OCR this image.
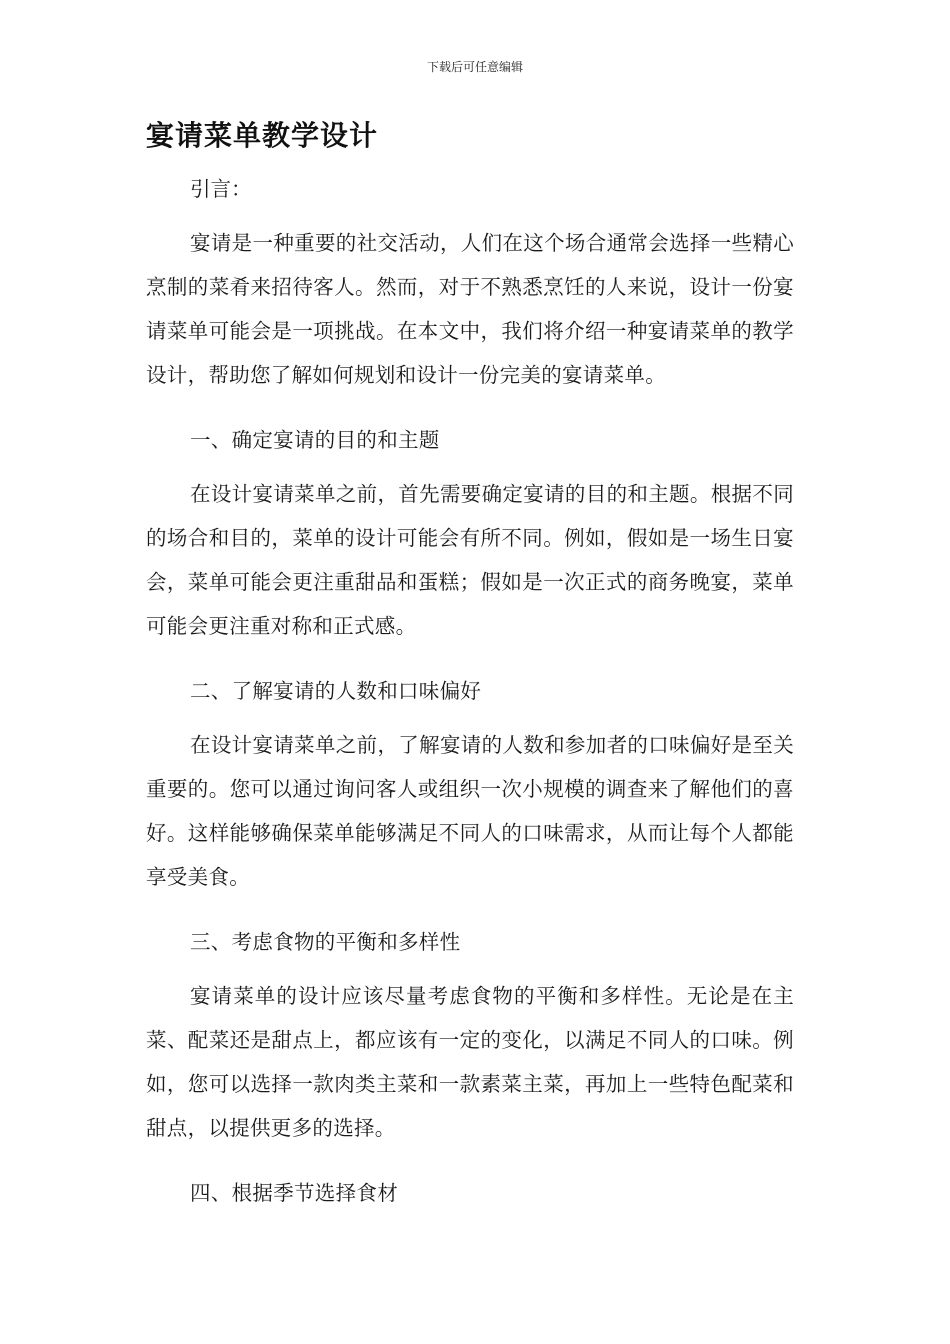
下载后可任意编辑
宴请菜单教学设计

引言：

宴请是一种重要的社交活动，人们在这个场合通常会选择一些精心烹制的菜肴来招待客人。然而，对于不熟悉烹饪的人来说，设计一份宴请菜单可能会是一项挑战。在本文中，我们将介绍一种宴请菜单的教学设计，帮助您了解如何规划和设计一份完美的宴请菜单。

一、确定宴请的目的和主题

在设计宴请菜单之前，首先需要确定宴请的目的和主题。根据不同的场合和目的，菜单的设计可能会有所不同。例如，假如是一场生日宴会，菜单可能会更注重甜品和蛋糕；假如是一次正式的商务晚宴，菜单可能会更注重对称和正式感。

二、了解宴请的人数和口味偏好

在设计宴请菜单之前，了解宴请的人数和参加者的口味偏好是至关重要的。您可以通过询问客人或组织一次小规模的调查来了解他们的喜好。这样能够确保菜单能够满足不同人的口味需求，从而让每个人都能享受美食。

三、考虑食物的平衡和多样性

宴请菜单的设计应该尽量考虑食物的平衡和多样性。无论是在主菜、配菜还是甜点上，都应该有一定的变化，以满足不同人的口味。例如，您可以选择一款肉类主菜和一款素菜主菜，再加上一些特色配菜和甜点，以提供更多的选择。

四、根据季节选择食材
